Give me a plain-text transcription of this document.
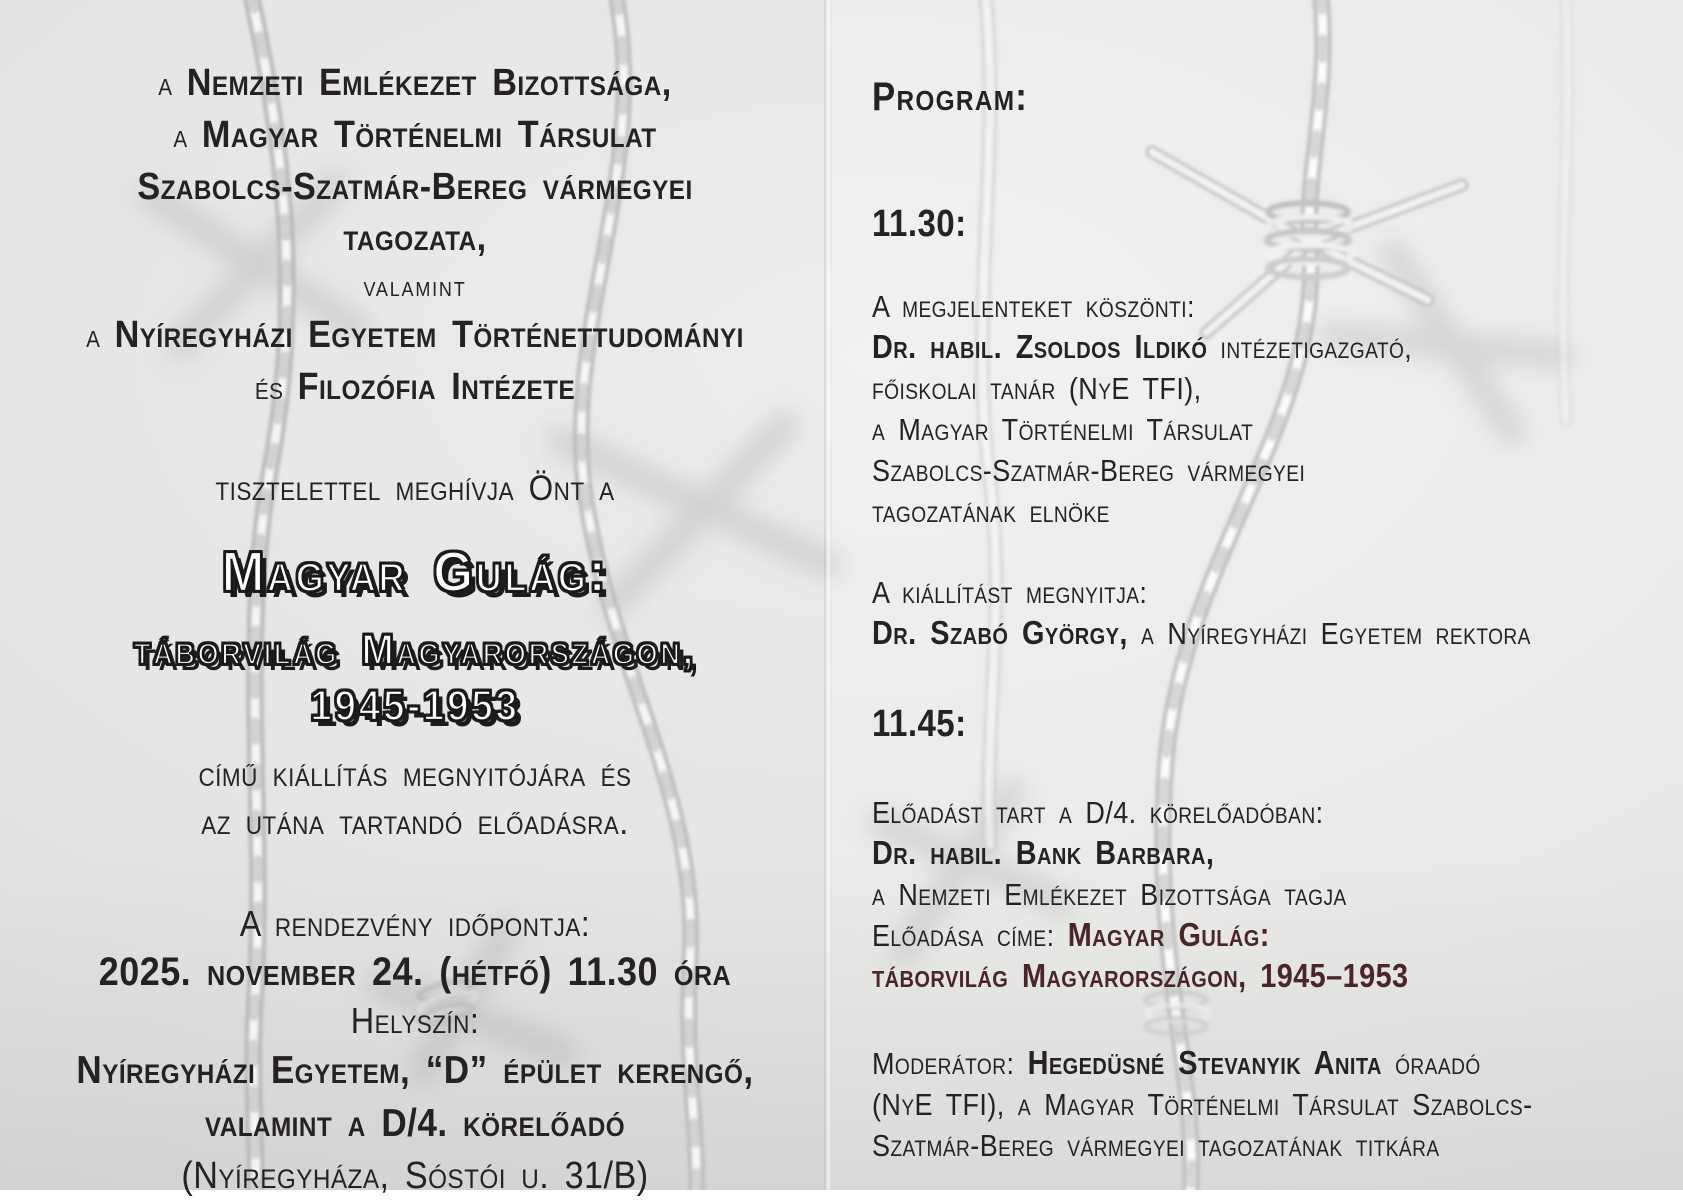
a Nemzeti Emlékezet Bizottsága,
a Magyar Történelmi Társulat
Szabolcs-Szatmár-Bereg vármegyei tagozata,
valamint
a Nyíregyházi Egyetem Történettudományi
és Filozófia Intézete
tisztelettel meghívja Önt a
Magyar Gulág:
táborvilág Magyarországon, 1945-1953
című kiállítás megnyitójára és
az utána tartandó előadásra.
A rendezvény időpontja:
2025. november 24. (hétfő) 11.30 óra
Helyszín:
Nyíregyházi Egyetem, “D” épület kerengő,
valamint a D/4. körelőadó
(Nyíregyháza, Sóstói u. 31/B)
Program:
11.30:
A megjelenteket köszönti:
Dr. habil. Zsoldos Ildikó intézetigazgató,
főiskolai tanár (NyE TFI),
a Magyar Történelmi Társulat
Szabolcs-Szatmár-Bereg vármegyei
tagozatának elnöke
A kiállítást megnyitja:
Dr. Szabó György, a Nyíregyházi Egyetem rektora
11.45:
Előadást tart a D/4. körelőadóban:
Dr. habil. Bank Barbara,
a Nemzeti Emlékezet Bizottsága tagja
Előadása címe: Magyar Gulág:
táborvilág Magyarországon, 1945–1953
Moderátor: Hegedüsné Stevanyik Anita óraadó
(NyE TFI), a Magyar Történelmi Társulat Szabolcs-
Szatmár-Bereg vármegyei tagozatának titkára
